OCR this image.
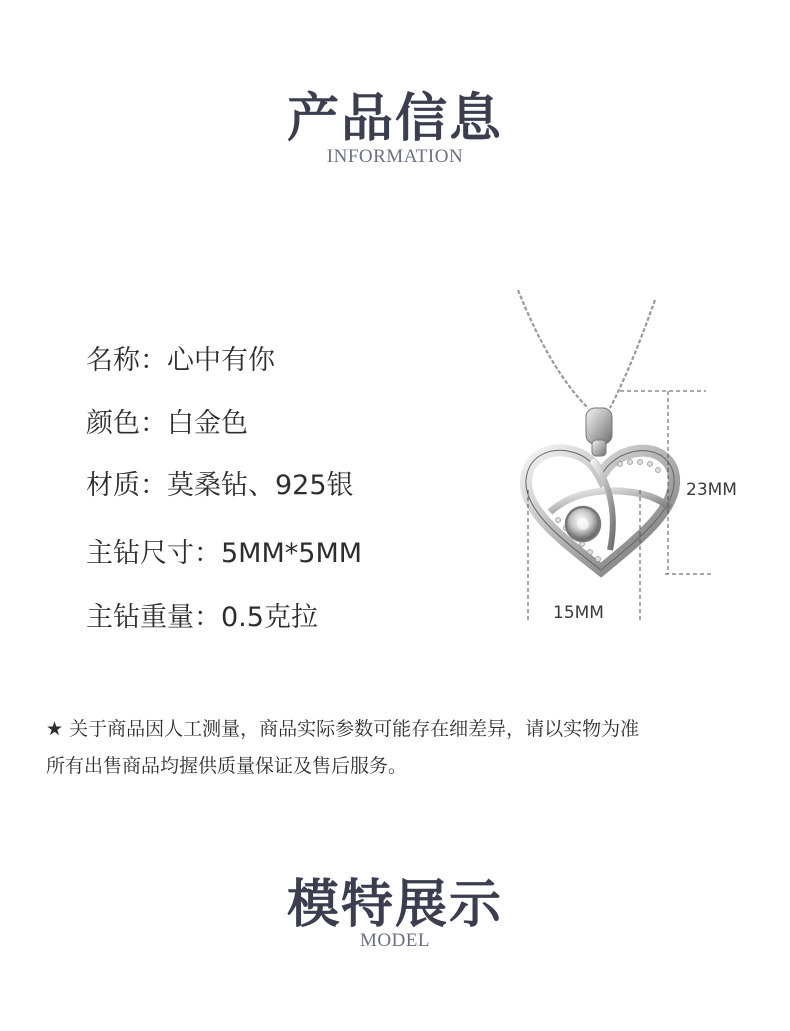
产品信息
INFORMATION
名称：心中有你
颜色：白金色
材质：莫桑钻、925银
主钻尺寸：5MM*5MM
主钻重量：0.5克拉
23MM
15MM
★ 关于商品因人工测量，商品实际参数可能存在细差异，请以实物为准
所有出售商品均握供质量保证及售后服务。
模特展示
MODEL
